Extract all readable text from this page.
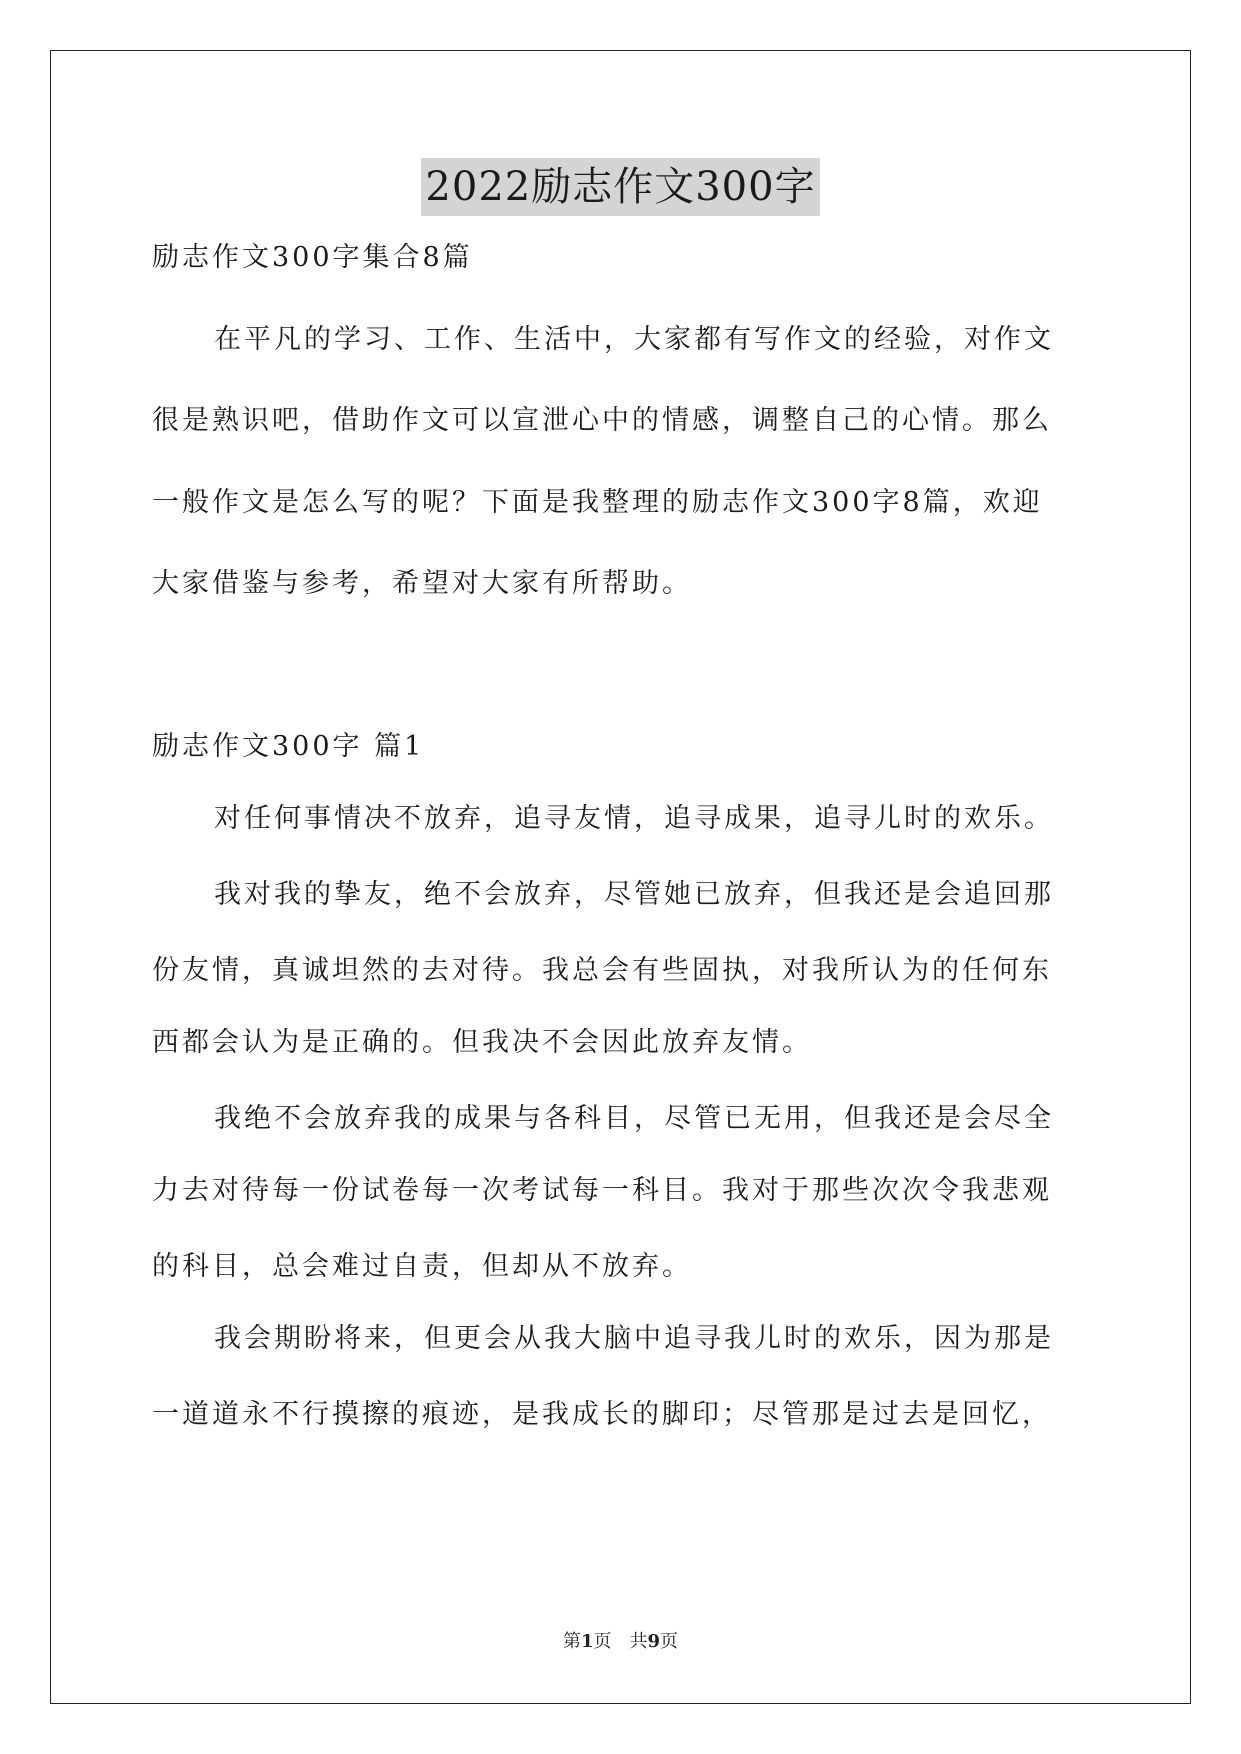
2022励志作文300字
励志作文300字集合8篇
在平凡的学习、工作、生活中，大家都有写作文的经验，对作文
很是熟识吧，借助作文可以宣泄心中的情感，调整自己的心情。那么
一般作文是怎么写的呢？下面是我整理的励志作文300字8篇，欢迎
大家借鉴与参考，希望对大家有所帮助。
励志作文300字 篇1
对任何事情决不放弃，追寻友情，追寻成果，追寻儿时的欢乐。
我对我的挚友，绝不会放弃，尽管她已放弃，但我还是会追回那
份友情，真诚坦然的去对待。我总会有些固执，对我所认为的任何东
西都会认为是正确的。但我决不会因此放弃友情。
我绝不会放弃我的成果与各科目，尽管已无用，但我还是会尽全
力去对待每一份试卷每一次考试每一科目。我对于那些次次令我悲观
的科目，总会难过自责，但却从不放弃。
我会期盼将来，但更会从我大脑中追寻我儿时的欢乐，因为那是
一道道永不行摸擦的痕迹，是我成长的脚印；尽管那是过去是回忆，
第1页　共9页
